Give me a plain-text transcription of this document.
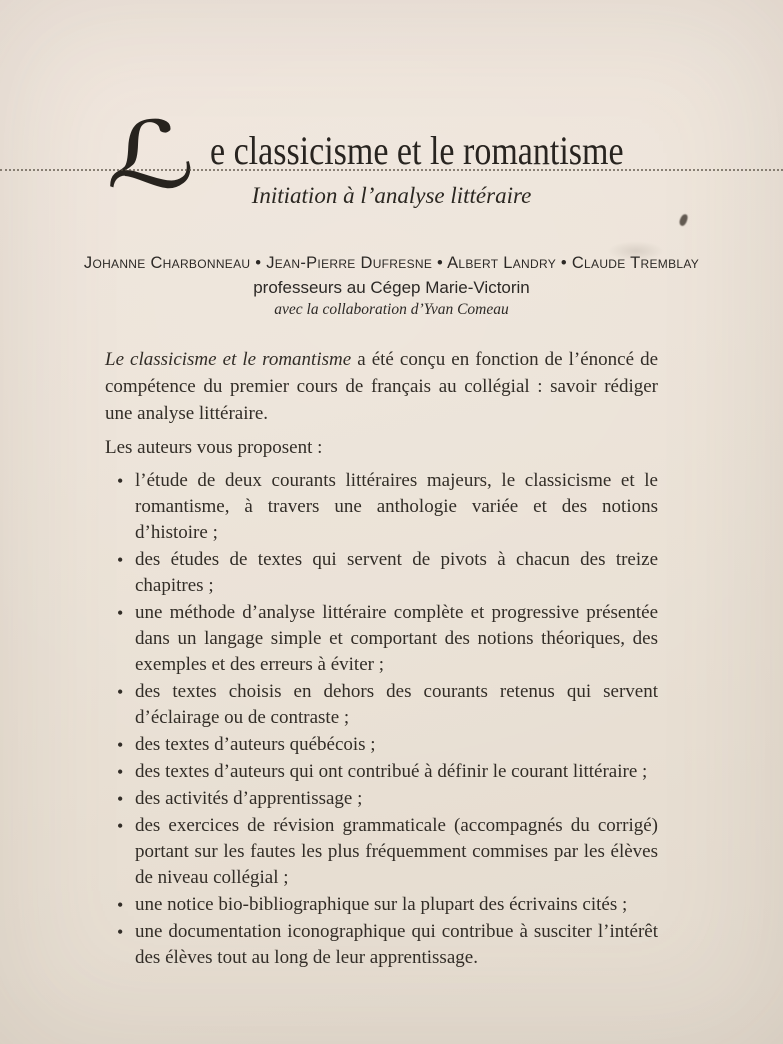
ℒ e classicisme et le romantisme
Initiation à l’analyse littéraire
Johanne Charbonneau • Jean-Pierre Dufresne • Albert Landry • Claude Tremblay
professeurs au Cégep Marie-Victorin
avec la collaboration d’Yvan Comeau

Le classicisme et le romantisme a été conçu en fonction de l’énoncé de compétence du premier cours de français au collégial : savoir rédiger une analyse littéraire.

Les auteurs vous proposent :

• l’étude de deux courants littéraires majeurs, le classicisme et le romantisme, à travers une anthologie variée et des notions d’histoire ;
• des études de textes qui servent de pivots à chacun des treize chapitres ;
• une méthode d’analyse littéraire complète et progressive présentée dans un langage simple et comportant des notions théoriques, des exemples et des erreurs à éviter ;
• des textes choisis en dehors des courants retenus qui servent d’éclairage ou de contraste ;
• des textes d’auteurs québécois ;
• des textes d’auteurs qui ont contribué à définir le courant littéraire ;
• des activités d’apprentissage ;
• des exercices de révision grammaticale (accompagnés du corrigé) portant sur les fautes les plus fréquemment commises par les élèves de niveau collégial ;
• une notice bio-bibliographique sur la plupart des écrivains cités ;
• une documentation iconographique qui contribue à susciter l’intérêt des élèves tout au long de leur apprentissage.
